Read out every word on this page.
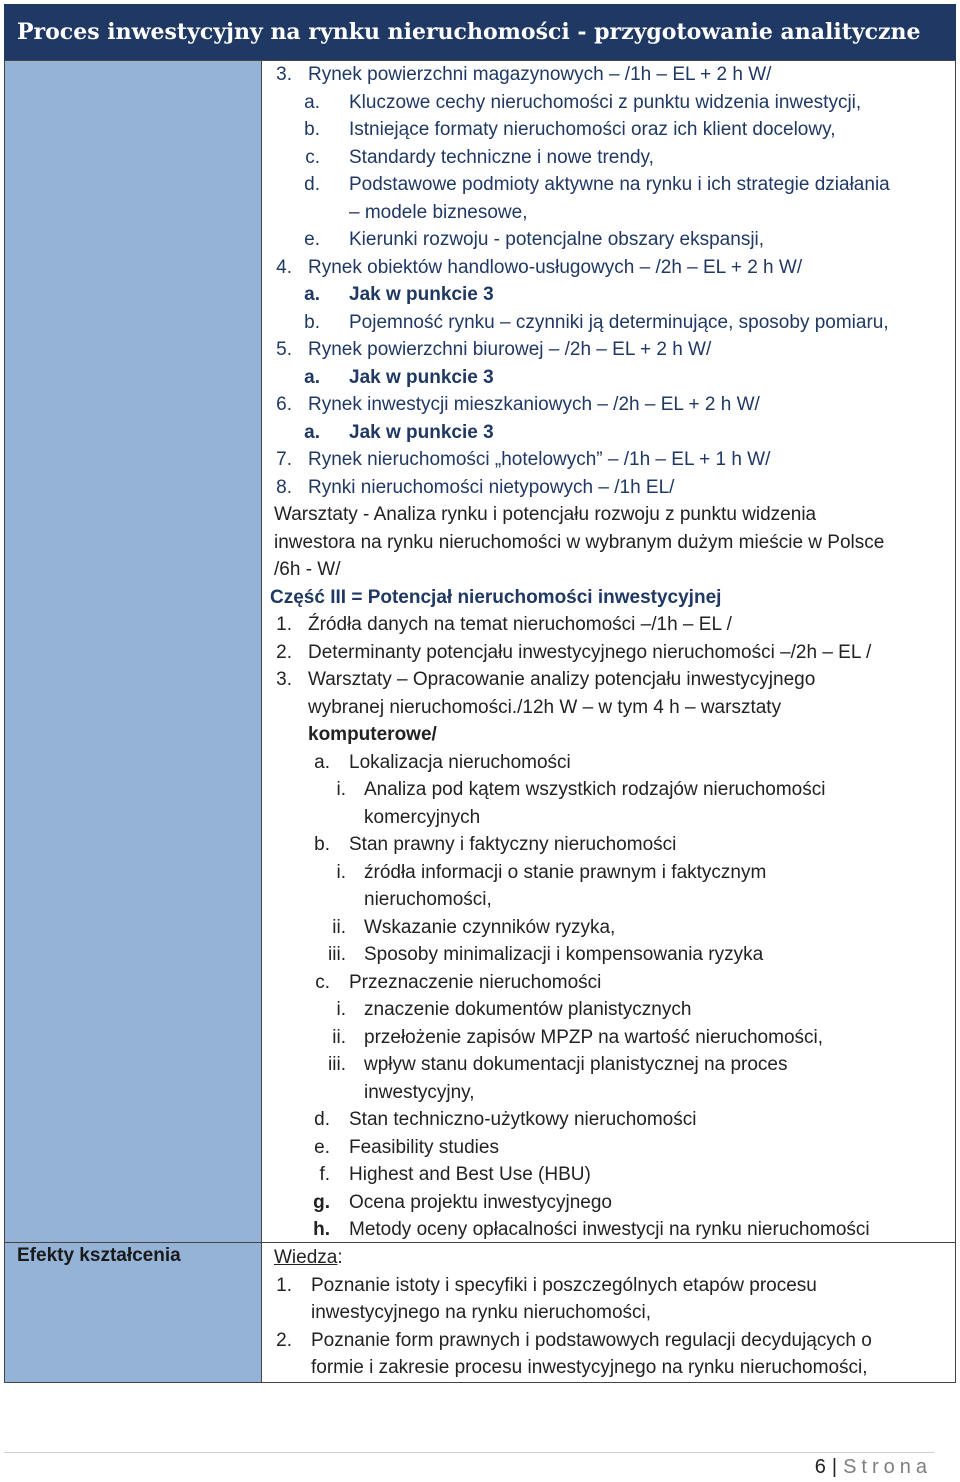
Proces inwestycyjny na rynku nieruchomości - przygotowanie analityczne
Efekty kształcenia
3. Rynek powierzchni magazynowych – /1h – EL + 2 h W/
a. Kluczowe cechy nieruchomości z punktu widzenia inwestycji,
b. Istniejące formaty nieruchomości oraz ich klient docelowy,
c. Standardy techniczne i nowe trendy,
d. Podstawowe podmioty aktywne na rynku i ich strategie działania
– modele biznesowe,
e. Kierunki rozwoju - potencjalne obszary ekspansji,
4. Rynek obiektów handlowo-usługowych – /2h – EL + 2 h W/
a. Jak w punkcie 3
b. Pojemność rynku – czynniki ją determinujące, sposoby pomiaru,
5. Rynek powierzchni biurowej – /2h – EL + 2 h W/
a. Jak w punkcie 3
6. Rynek inwestycji mieszkaniowych – /2h – EL + 2 h W/
a. Jak w punkcie 3
7. Rynek nieruchomości „hotelowych” – /1h – EL + 1 h W/
8. Rynki nieruchomości nietypowych – /1h EL/
Warsztaty - Analiza rynku i potencjału rozwoju z punktu widzenia
inwestora na rynku nieruchomości w wybranym dużym mieście w Polsce
/6h - W/
Część III = Potencjał nieruchomości inwestycyjnej
1. Źródła danych na temat nieruchomości –/1h – EL /
2. Determinanty potencjału inwestycyjnego nieruchomości –/2h – EL /
3. Warsztaty – Opracowanie analizy potencjału inwestycyjnego
wybranej nieruchomości./12h W – w tym 4 h – warsztaty
komputerowe/
a. Lokalizacja nieruchomości
i. Analiza pod kątem wszystkich rodzajów nieruchomości
komercyjnych
b. Stan prawny i faktyczny nieruchomości
i. źródła informacji o stanie prawnym i faktycznym
nieruchomości,
ii. Wskazanie czynników ryzyka,
iii. Sposoby minimalizacji i kompensowania ryzyka
c. Przeznaczenie nieruchomości
i. znaczenie dokumentów planistycznych
ii. przełożenie zapisów MPZP na wartość nieruchomości,
iii. wpływ stanu dokumentacji planistycznej na proces
inwestycyjny,
d. Stan techniczno-użytkowy nieruchomości
e. Feasibility studies
f. Highest and Best Use (HBU)
g. Ocena projektu inwestycyjnego
h. Metody oceny opłacalności inwestycji na rynku nieruchomości
Wiedza:
1. Poznanie istoty i specyfiki i poszczególnych etapów procesu
inwestycyjnego na rynku nieruchomości,
2. Poznanie form prawnych i podstawowych regulacji decydujących o
formie i zakresie procesu inwestycyjnego na rynku nieruchomości,
6 | Strona
